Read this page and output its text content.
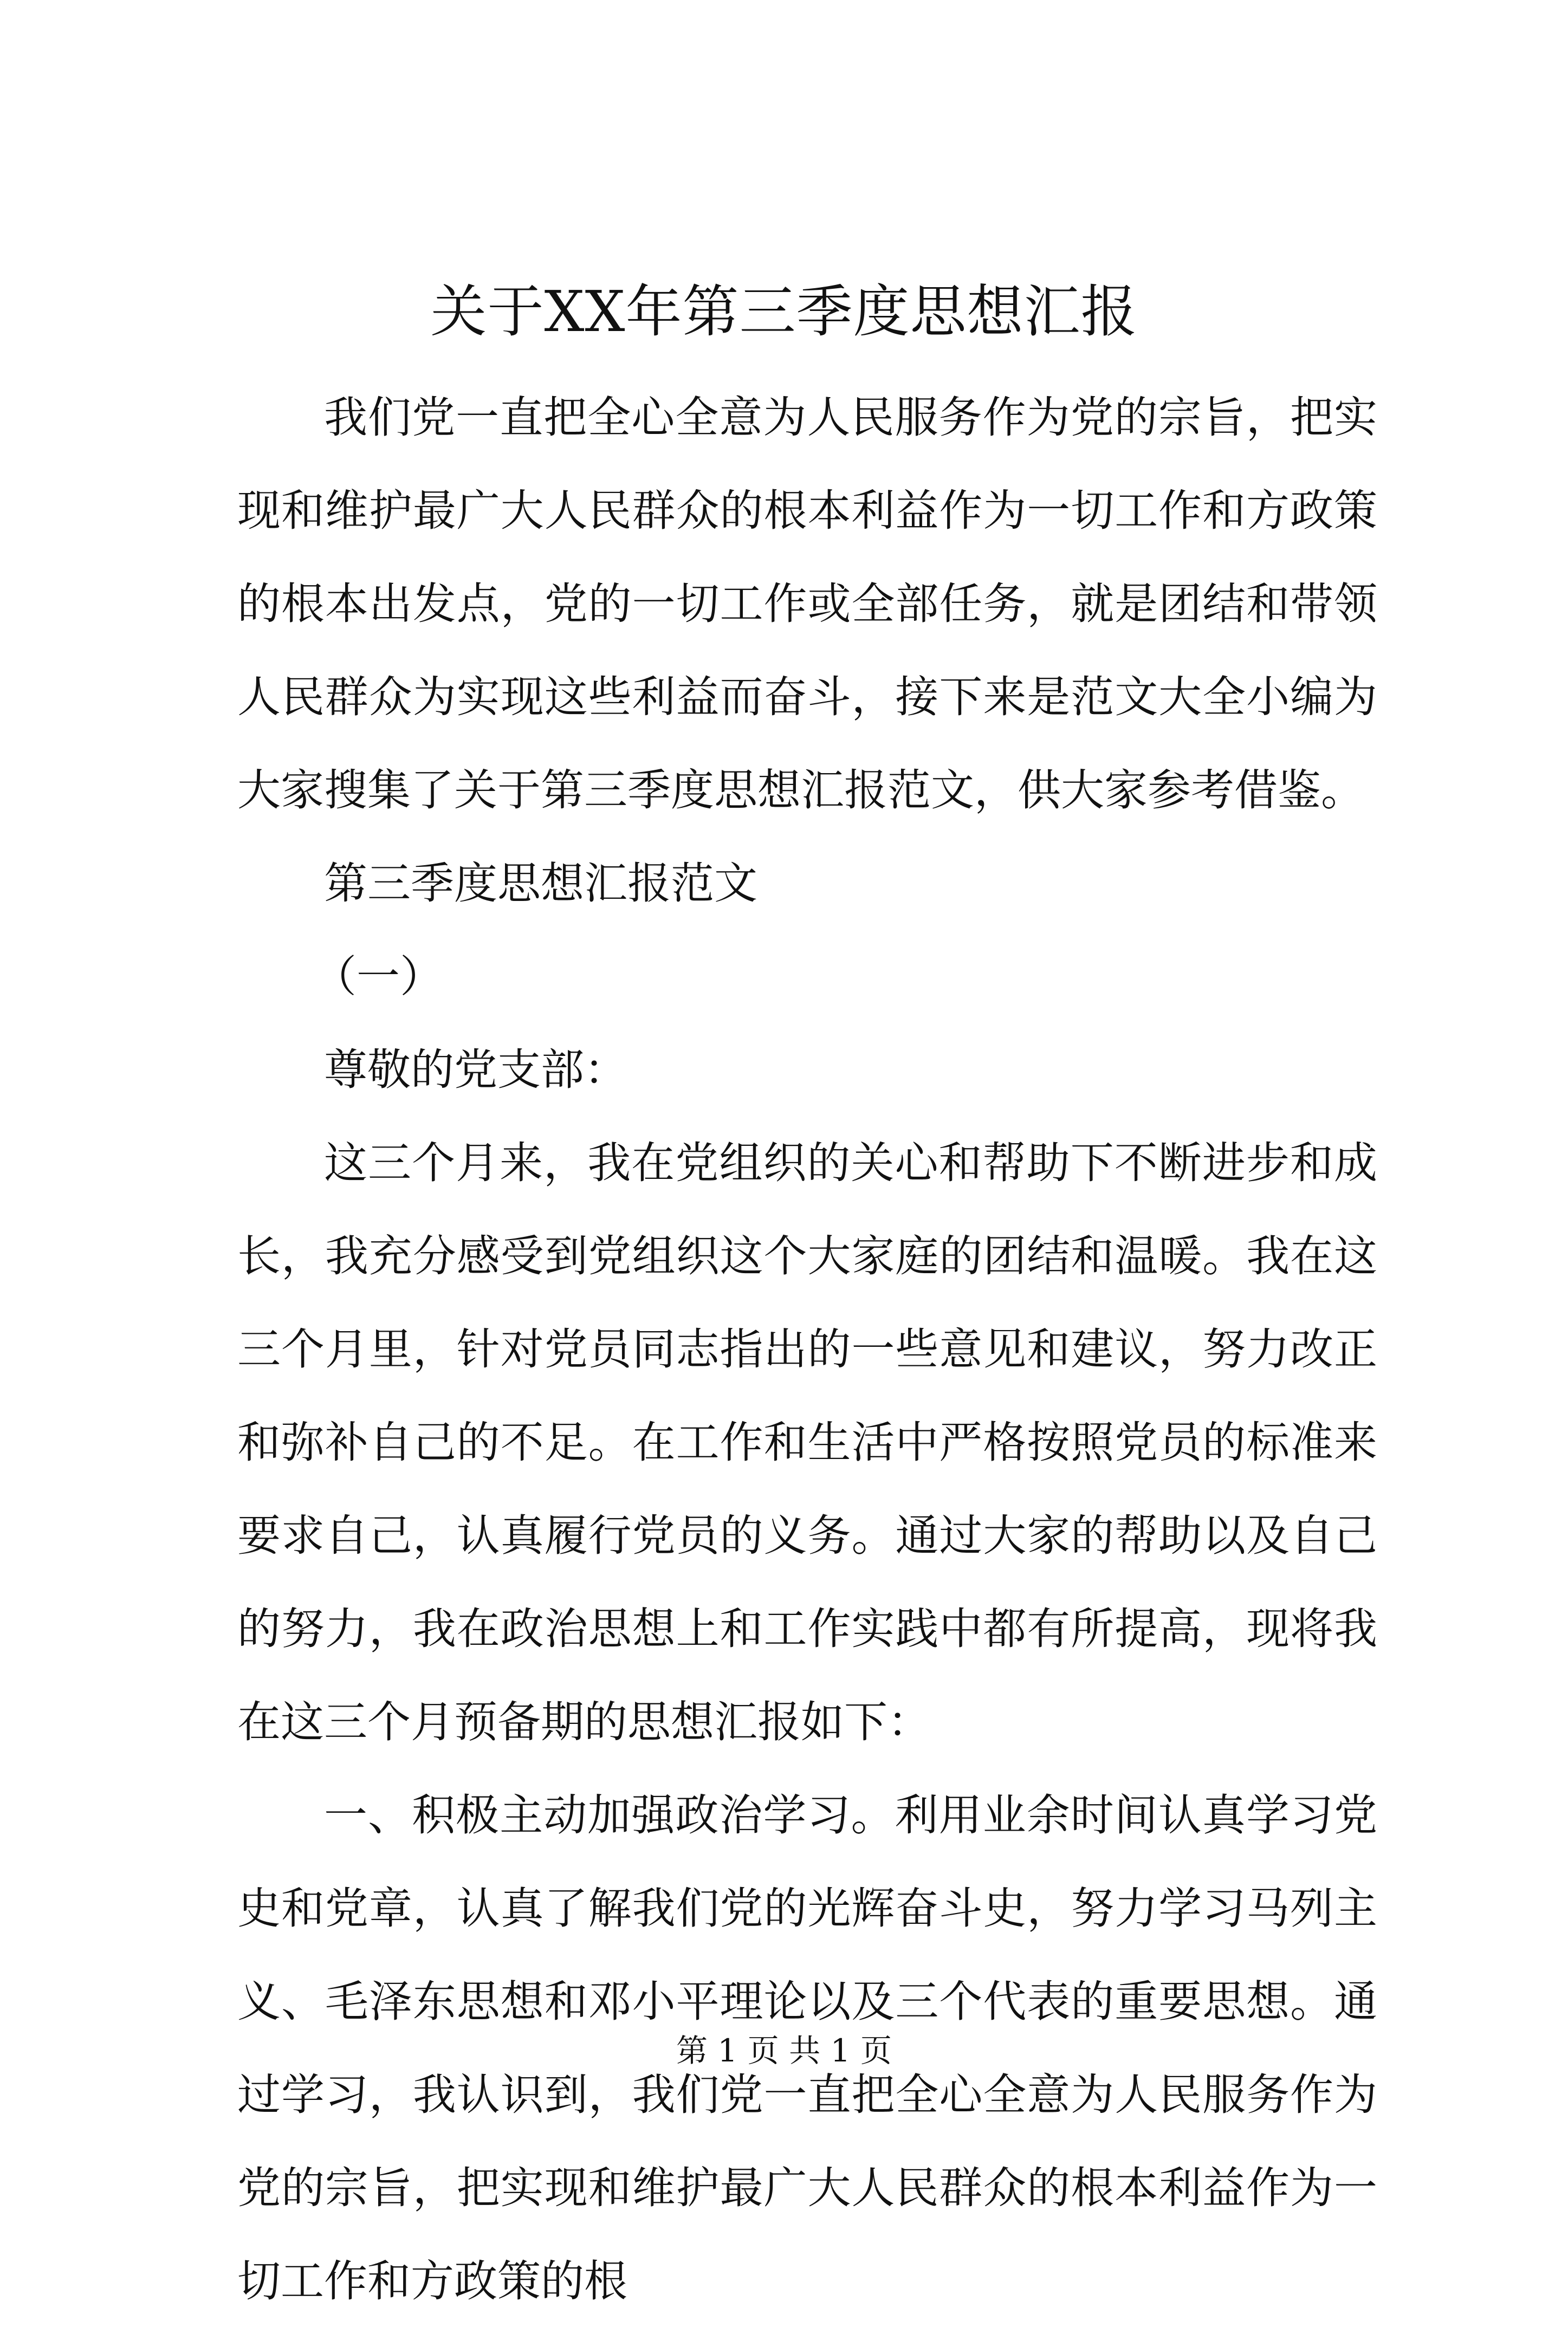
关于XX年第三季度思想汇报

我们党一直把全心全意为人民服务作为党的宗旨，把实现和维护最广大人民群众的根本利益作为一切工作和方政策的根本出发点，党的一切工作或全部任务，就是团结和带领人民群众为实现这些利益而奋斗，接下来是范文大全小编为大家搜集了关于第三季度思想汇报范文，供大家参考借鉴。

第三季度思想汇报范文

（一）

尊敬的党支部：

这三个月来，我在党组织的关心和帮助下不断进步和成长，我充分感受到党组织这个大家庭的团结和温暖。我在这三个月里，针对党员同志指出的一些意见和建议，努力改正和弥补自己的不足。在工作和生活中严格按照党员的标准来要求自己，认真履行党员的义务。通过大家的帮助以及自己的努力，我在政治思想上和工作实践中都有所提高，现将我在这三个月预备期的思想汇报如下：

一、积极主动加强政治学习。利用业余时间认真学习党史和党章，认真了解我们党的光辉奋斗史，努力学习马列主义、毛泽东思想和邓小平理论以及三个代表的重要思想。通过学习，我认识到，我们党一直把全心全意为人民服务作为党的宗旨，把实现和维护最广大人民群众的根本利益作为一切工作和方政策的根

第 1 页 共 1 页
